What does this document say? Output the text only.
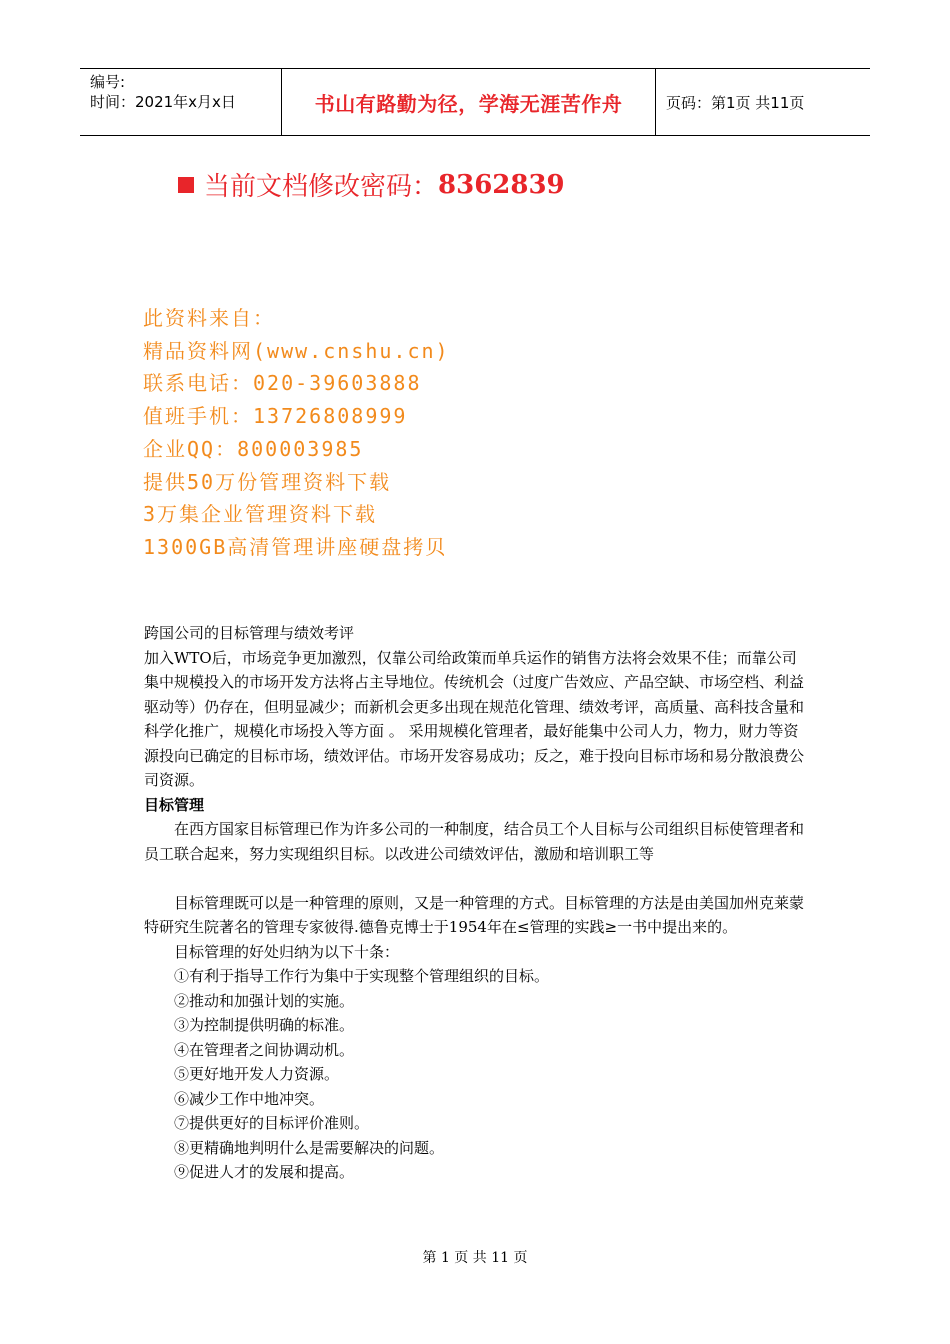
编号:
时间：2021年x月x日	书山有路勤为径，学海无涯苦作舟	页码：第1页 共11页
当前文档修改密码： 8362839
此资料来自：
精品资料网(www.cnshu.cn)
联系电话：020-39603888
值班手机：13726808999
企业QQ：800003985
提供50万份管理资料下载
3万集企业管理资料下载
1300GB高清管理讲座硬盘拷贝

跨国公司的目标管理与绩效考评

加入WTO后，市场竞争更加激烈，仅靠公司给政策而单兵运作的销售方法将会效果不佳；而靠公司集中规模投入的市场开发方法将占主导地位。传统机会（过度广告效应、产品空缺、市场空档、利益驱动等）仍存在，但明显减少；而新机会更多出现在规范化管理、绩效考评，高质量、高科技含量和科学化推广，规模化市场投入等方面 。 采用规模化管理者，最好能集中公司人力，物力，财力等资源投向已确定的目标市场，绩效评估。市场开发容易成功；反之，难于投向目标市场和易分散浪费公司资源。

目标管理

在西方国家目标管理已作为许多公司的一种制度，结合员工个人目标与公司组织目标使管理者和员工联合起来，努力实现组织目标。以改进公司绩效评估，激励和培训职工等

目标管理既可以是一种管理的原则，又是一种管理的方式。目标管理的方法是由美国加州克莱蒙特研究生院著名的管理专家彼得.德鲁克博士于1954年在≤管理的实践≥一书中提出来的。

目标管理的好处归纳为以下十条：

①有利于指导工作行为集中于实现整个管理组织的目标。

②推动和加强计划的实施。

③为控制提供明确的标准。

④在管理者之间协调动机。

⑤更好地开发人力资源。

⑥减少工作中地冲突。

⑦提供更好的目标评价准则。

⑧更精确地判明什么是需要解决的问题。

⑨促进人才的发展和提高。

第 1 页 共 11 页
